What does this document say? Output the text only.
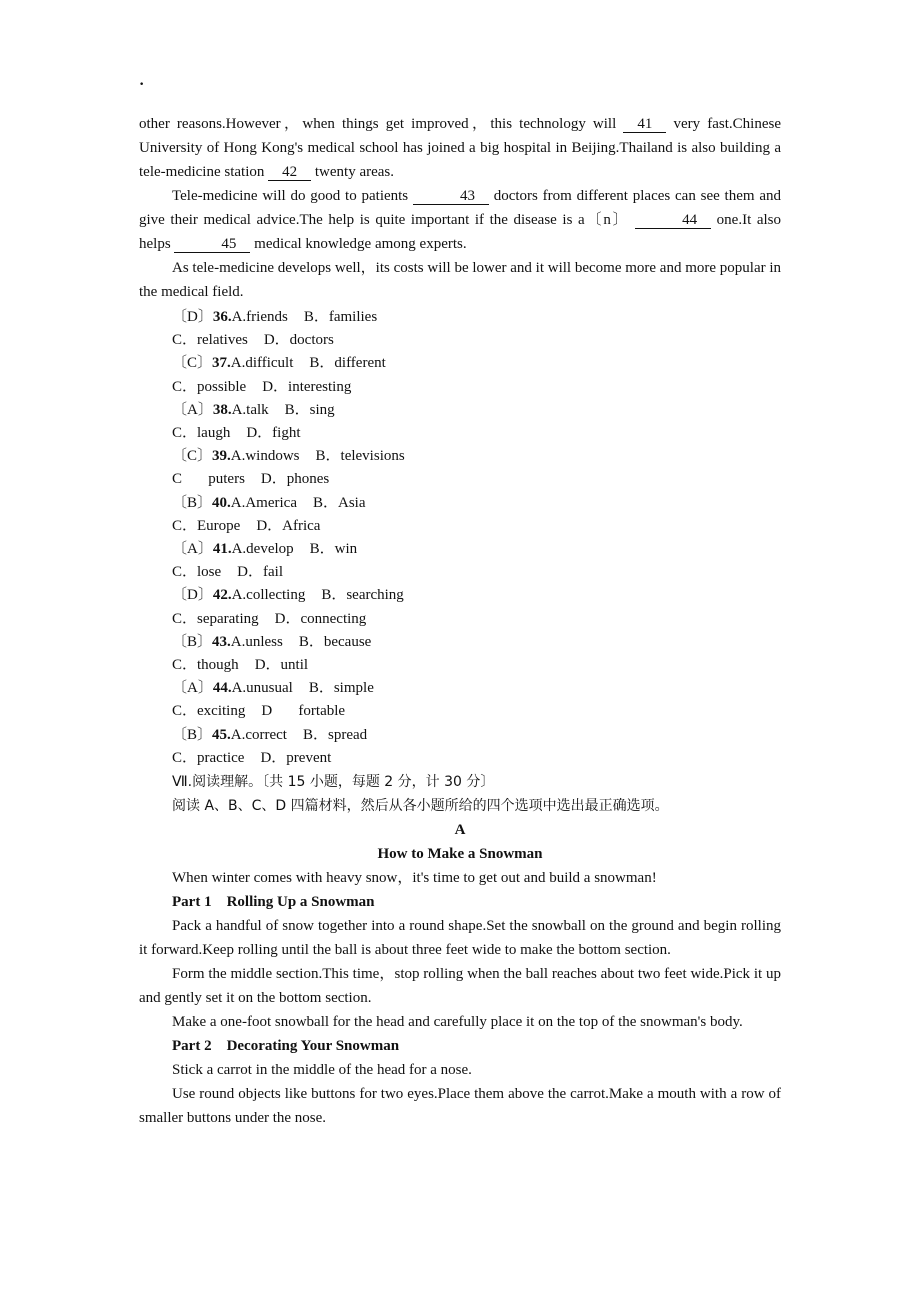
·

other reasons.However，when things get improved，this technology will 41 very fast.Chinese University of Hong Kong's medical school has joined a big hospital in Beijing.Thailand is also building a tele-medicine station 42 twenty areas.

Tele-medicine will do good to patients	43 doctors from different places can see them and give their medical advice.The help is quite important if the disease is a〔n〕	44 one.It also helps	45 medical knowledge among experts.

As tele-medicine develops well，its costs will be lower and it will become more and more popular in the medical field.

〔D〕36.A.friends B．families
C．relatives D．doctors
〔C〕37.A.difficult B．different
C．possible D．interesting
〔A〕38.A.talk B．sing
C．laugh D．fight
〔C〕39.A.windows B．televisions
C       puters D．phones
〔B〕40.A.America B．Asia
C．Europe D．Africa
〔A〕41.A.develop B．win
C．lose D．fail
〔D〕42.A.collecting B．searching
C．separating D．connecting
〔B〕43.A.unless B．because
C．though D．until
〔A〕44.A.unusual B．simple
C．exciting D       fortable
〔B〕45.A.correct B．spread
C．practice D．prevent
Ⅶ.阅读理解。〔共 15 小题，每题 2 分，计 30 分〕
阅读 A、B、C、D 四篇材料，然后从各小题所给的四个选项中选出最正确选项。
A
How to Make a Snowman

When winter comes with heavy snow，it's time to get out and build a snowman!

Part 1    Rolling Up a Snowman

Pack a handful of snow together into a round shape.Set the snowball on the ground and begin rolling it forward.Keep rolling until the ball is about three feet wide to make the bottom section.

Form the middle section.This time，stop rolling when the ball reaches about two feet wide.Pick it up and gently set it on the bottom section.

Make a one-foot snowball for the head and carefully place it on the top of the snowman's body.

Part 2    Decorating Your Snowman

Stick a carrot in the middle of the head for a nose.

Use round objects like buttons for two eyes.Place them above the carrot.Make a mouth with a row of smaller buttons under the nose.
